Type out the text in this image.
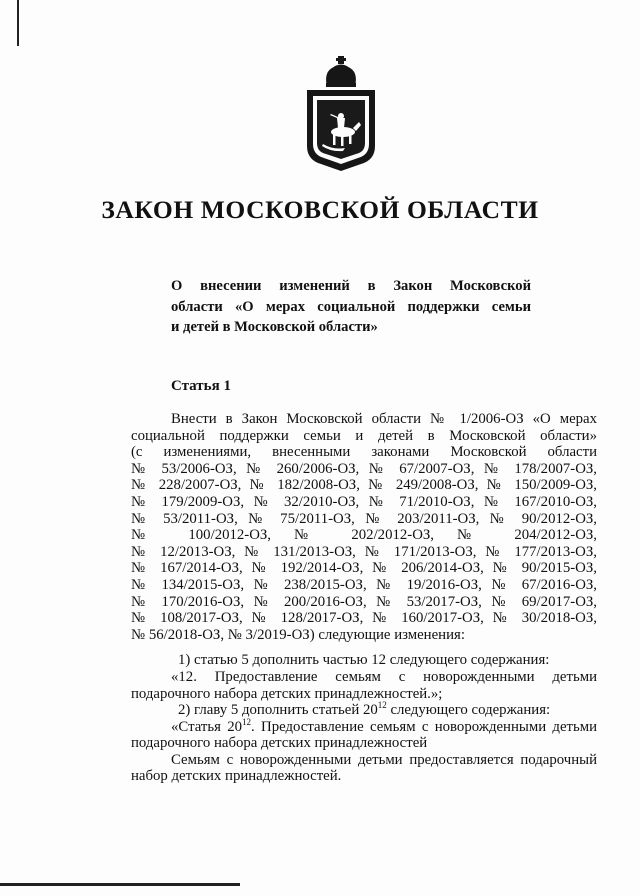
ЗАКОН МОСКОВСКОЙ ОБЛАСТИ
О внесении изменений в Закон Московской
области «О мерах социальной поддержки семьи
и детей в Московской области»
Статья 1
Внести в Закон Московской области № 1/2006-ОЗ «О мерах
социальной поддержки семьи и детей в Московской области»
(с изменениями, внесенными законами Московской области
№ 53/2006-ОЗ, № 260/2006-ОЗ, № 67/2007-ОЗ, № 178/2007-ОЗ,
№ 228/2007-ОЗ, № 182/2008-ОЗ, № 249/2008-ОЗ, № 150/2009-ОЗ,
№ 179/2009-ОЗ, № 32/2010-ОЗ, № 71/2010-ОЗ, № 167/2010-ОЗ,
№ 53/2011-ОЗ, № 75/2011-ОЗ, № 203/2011-ОЗ, № 90/2012-ОЗ,
№ 100/2012-ОЗ, № 202/2012-ОЗ, № 204/2012-ОЗ,
№ 12/2013-ОЗ, № 131/2013-ОЗ, № 171/2013-ОЗ, № 177/2013-ОЗ,
№ 167/2014-ОЗ, № 192/2014-ОЗ, № 206/2014-ОЗ, № 90/2015-ОЗ,
№ 134/2015-ОЗ, № 238/2015-ОЗ, № 19/2016-ОЗ, № 67/2016-ОЗ,
№ 170/2016-ОЗ, № 200/2016-ОЗ, № 53/2017-ОЗ, № 69/2017-ОЗ,
№ 108/2017-ОЗ, № 128/2017-ОЗ, № 160/2017-ОЗ, № 30/2018-ОЗ,
№ 56/2018-ОЗ, № 3/2019-ОЗ) следующие изменения:
1) статью 5 дополнить частью 12 следующего содержания:
«12. Предоставление семьям с новорожденными детьми
подарочного набора детских принадлежностей.»;
2) главу 5 дополнить статьей $20^{12}$ следующего содержания:
«Статья $20^{12}$. Предоставление семьям с новорожденными детьми
подарочного набора детских принадлежностей
Семьям с новорожденными детьми предоставляется подарочный
набор детских принадлежностей.
